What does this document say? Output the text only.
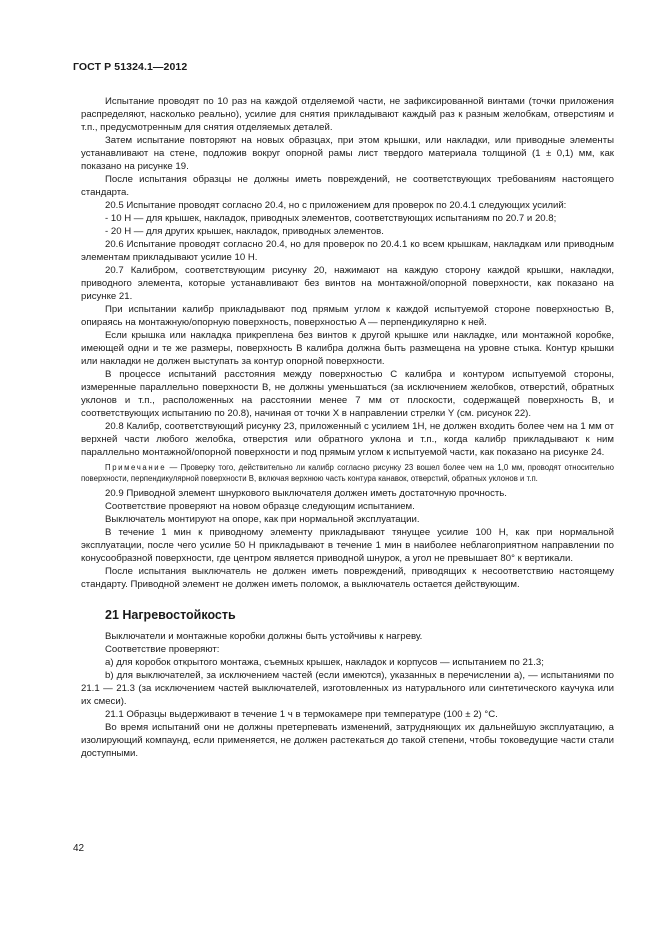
ГОСТ Р 51324.1—2012

Испытание проводят по 10 раз на каждой отделяемой части, не зафиксированной винтами (точки приложения распределяют, насколько реально), усилие для снятия прикладывают каждый раз к разным желобкам, отверстиям и т.п., предусмотренным для снятия отделяемых деталей.

Затем испытание повторяют на новых образцах, при этом крышки, или накладки, или приводные элементы устанавливают на стене, подложив вокруг опорной рамы лист твердого материала толщиной (1 ± 0,1) мм, как показано на рисунке 19.

После испытания образцы не должны иметь повреждений, не соответствующих требованиям настоящего стандарта.

20.5 Испытание проводят согласно 20.4, но с приложением для проверок по 20.4.1 следующих усилий:

- 10 Н — для крышек, накладок, приводных элементов, соответствующих испытаниям по 20.7 и 20.8;

- 20 Н — для других крышек, накладок, приводных элементов.

20.6 Испытание проводят согласно 20.4, но для проверок по 20.4.1 ко всем крышкам, накладкам или приводным элементам прикладывают усилие 10 Н.

20.7 Калибром, соответствующим рисунку 20, нажимают на каждую сторону каждой крышки, накладки, приводного элемента, которые устанавливают без винтов на монтажной/опорной поверхности, как показано на рисунке 21.

При испытании калибр прикладывают под прямым углом к каждой испытуемой стороне поверхностью B, опираясь на монтажную/опорную поверхность, поверхностью A — перпендикулярно к ней.

Если крышка или накладка прикреплена без винтов к другой крышке или накладке, или монтажной коробке, имеющей одни и те же размеры, поверхность B калибра должна быть размещена на уровне стыка. Контур крышки или накладки не должен выступать за контур опорной поверхности.

В процессе испытаний расстояния между поверхностью C калибра и контуром испытуемой стороны, измеренные параллельно поверхности B, не должны уменьшаться (за исключением желобков, отверстий, обратных уклонов и т.п., расположенных на расстоянии менее 7 мм от плоскости, содержащей поверхность B, и соответствующих испытанию по 20.8), начиная от точки X в направлении стрелки Y (см. рисунок 22).

20.8 Калибр, соответствующий рисунку 23, приложенный с усилием 1Н, не должен входить более чем на 1 мм от верхней части любого желобка, отверстия или обратного уклона и т.п., когда калибр прикладывают к ним параллельно монтажной/опорной поверхности и под прямым углом к испытуемой части, как показано на рисунке 24.

Примечание — Проверку того, действительно ли калибр согласно рисунку 23 вошел более чем на 1,0 мм, проводят относительно поверхности, перпендикулярной поверхности B, включая верхнюю часть контура канавок, отверстий, обратных уклонов и т.п.

20.9 Приводной элемент шнуркового выключателя должен иметь достаточную прочность.

Соответствие проверяют на новом образце следующим испытанием.

Выключатель монтируют на опоре, как при нормальной эксплуатации.

В течение 1 мин к приводному элементу прикладывают тянущее усилие 100 Н, как при нормальной эксплуатации, после чего усилие 50 Н прикладывают в течение 1 мин в наиболее неблагоприятном направлении по конусообразной поверхности, где центром является приводной шнурок, а угол не превышает 80° к вертикали.

После испытания выключатель не должен иметь повреждений, приводящих к несоответствию настоящему стандарту. Приводной элемент не должен иметь поломок, а выключатель остается действующим.

21 Нагревостойкость

Выключатели и монтажные коробки должны быть устойчивы к нагреву.

Соответствие проверяют:

а) для коробок открытого монтажа, съемных крышек, накладок и корпусов — испытанием по 21.3;

b) для выключателей, за исключением частей (если имеются), указанных в перечислении а), — испытаниями по 21.1 — 21.3 (за исключением частей выключателей, изготовленных из натурального или синтетического каучука или их смеси).

21.1 Образцы выдерживают в течение 1 ч в термокамере при температуре (100 ± 2) °С.

Во время испытаний они не должны претерпевать изменений, затрудняющих их дальнейшую эксплуатацию, а изолирующий компаунд, если применяется, не должен растекаться до такой степени, чтобы токоведущие части стали доступными.

42
